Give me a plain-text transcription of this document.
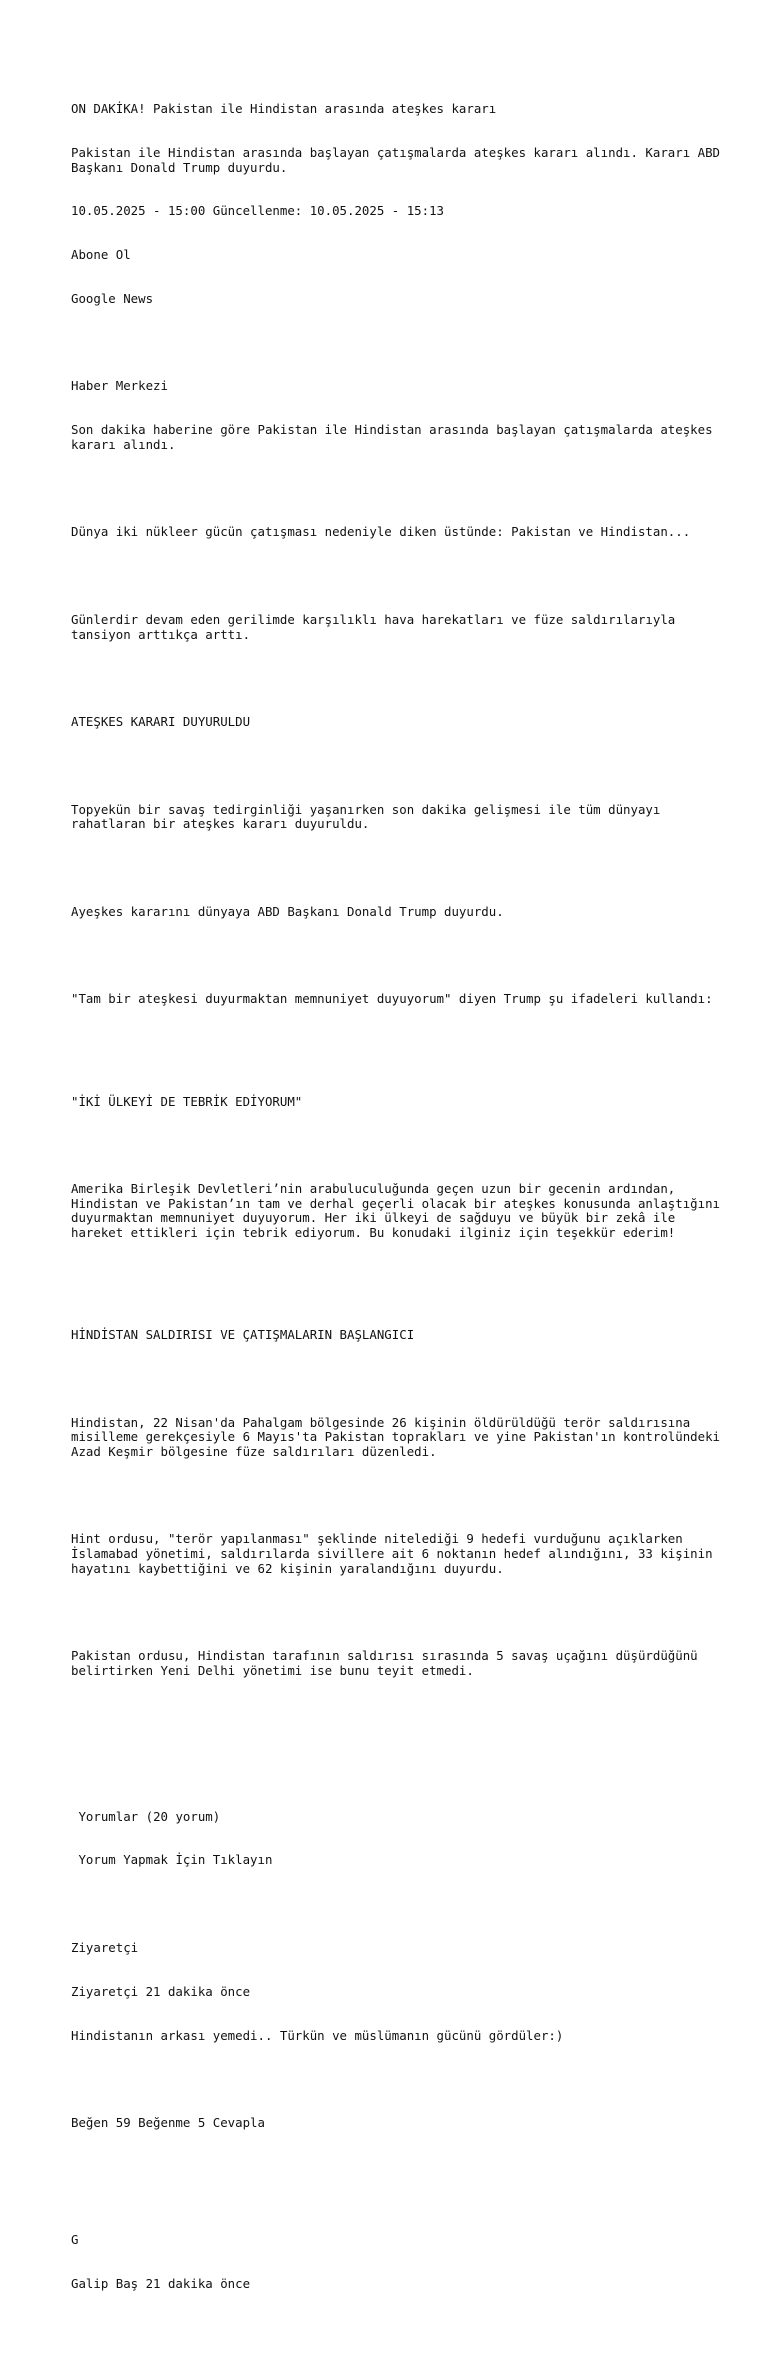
ON DAKİKA! Pakistan ile Hindistan arasında ateşkes kararı

Pakistan ile Hindistan arasında başlayan çatışmalarda ateşkes kararı alındı. Kararı ABD Başkanı Donald Trump duyurdu.

10.05.2025 - 15:00 Güncellenme: 10.05.2025 - 15:13

Abone Ol

Google News

Haber Merkezi

Son dakika haberine göre Pakistan ile Hindistan arasında başlayan çatışmalarda ateşkes kararı alındı.

Dünya iki nükleer gücün çatışması nedeniyle diken üstünde: Pakistan ve Hindistan...

Günlerdir devam eden gerilimde karşılıklı hava harekatları ve füze saldırılarıyla tansiyon arttıkça arttı.

ATEŞKES KARARI DUYURULDU

Topyekün bir savaş tedirginliği yaşanırken son dakika gelişmesi ile tüm dünyayı rahatlaran bir ateşkes kararı duyuruldu.

Ayeşkes kararını dünyaya ABD Başkanı Donald Trump duyurdu.

"Tam bir ateşkesi duyurmaktan memnuniyet duyuyorum" diyen Trump şu ifadeleri kullandı:

"İKİ ÜLKEYİ DE TEBRİK EDİYORUM"

Amerika Birleşik Devletleri’nin arabuluculuğunda geçen uzun bir gecenin ardından, Hindistan ve Pakistan’ın tam ve derhal geçerli olacak bir ateşkes konusunda anlaştığını duyurmaktan memnuniyet duyuyorum. Her iki ülkeyi de sağduyu ve büyük bir zekâ ile hareket ettikleri için tebrik ediyorum. Bu konudaki ilginiz için teşekkür ederim!

HİNDİSTAN SALDIRISI VE ÇATIŞMALARIN BAŞLANGICI

Hindistan, 22 Nisan'da Pahalgam bölgesinde 26 kişinin öldürüldüğü terör saldırısına misilleme gerekçesiyle 6 Mayıs'ta Pakistan toprakları ve yine Pakistan'ın kontrolündeki Azad Keşmir bölgesine füze saldırıları düzenledi.

Hint ordusu, "terör yapılanması" şeklinde nitelediği 9 hedefi vurduğunu açıklarken İslamabad yönetimi, saldırılarda sivillere ait 6 noktanın hedef alındığını, 33 kişinin hayatını kaybettiğini ve 62 kişinin yaralandığını duyurdu.

Pakistan ordusu, Hindistan tarafının saldırısı sırasında 5 savaş uçağını düşürdüğünü belirtirken Yeni Delhi yönetimi ise bunu teyit etmedi.

Yorumlar (20 yorum)

Yorum Yapmak İçin Tıklayın

Ziyaretçi

Ziyaretçi 21 dakika önce

Hindistanın arkası yemedi.. Türkün ve müslümanın gücünü gördüler:)

Beğen 59 Beğenme 5 Cevapla

G

Galip Baş 21 dakika önce
